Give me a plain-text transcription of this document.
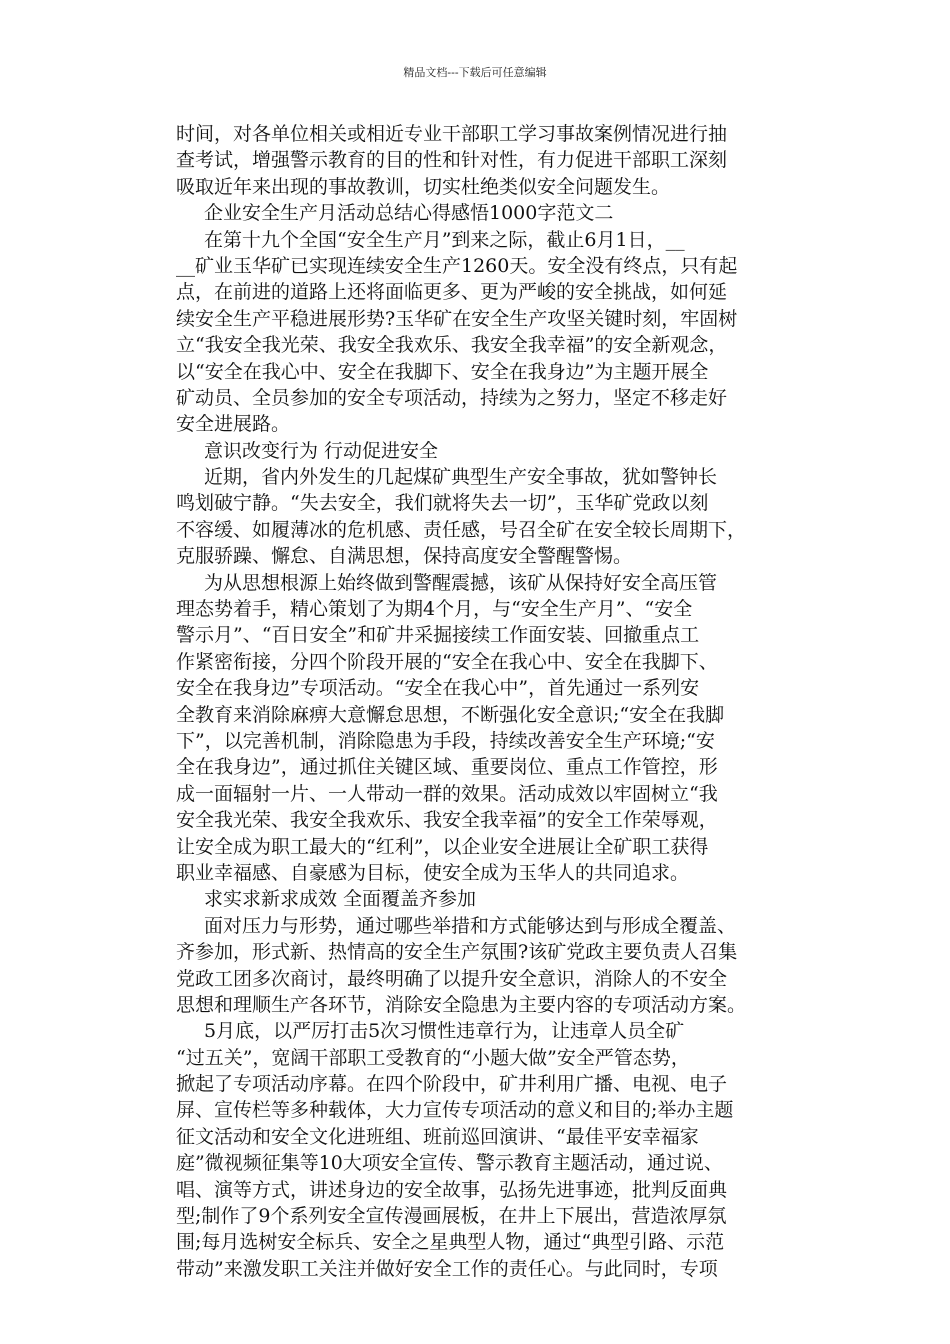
精品文档---下载后可任意编辑
时间，对各单位相关或相近专业干部职工学习事故案例情况进行抽
查考试，增强警示教育的目的性和针对性，有力促进干部职工深刻
吸取近年来出现的事故教训，切实杜绝类似安全问题发生。
企业安全生产月活动总结心得感悟1000字范文二
在第十九个全国“安全生产月”到来之际，截止6月1日，__
__矿业玉华矿已实现连续安全生产1260天。安全没有终点，只有起
点，在前进的道路上还将面临更多、更为严峻的安全挑战，如何延
续安全生产平稳进展形势?玉华矿在安全生产攻坚关键时刻，牢固树
立“我安全我光荣、我安全我欢乐、我安全我幸福”的安全新观念，
以“安全在我心中、安全在我脚下、安全在我身边”为主题开展全
矿动员、全员参加的安全专项活动，持续为之努力，坚定不移走好
安全进展路。
意识改变行为 行动促进安全
近期，省内外发生的几起煤矿典型生产安全事故，犹如警钟长
鸣划破宁静。“失去安全，我们就将失去一切”，玉华矿党政以刻
不容缓、如履薄冰的危机感、责任感，号召全矿在安全较长周期下，
克服骄躁、懈怠、自满思想，保持高度安全警醒警惕。
为从思想根源上始终做到警醒震撼，该矿从保持好安全高压管
理态势着手，精心策划了为期4个月，与“安全生产月”、“安全
警示月”、“百日安全”和矿井采掘接续工作面安装、回撤重点工
作紧密衔接，分四个阶段开展的“安全在我心中、安全在我脚下、
安全在我身边”专项活动。“安全在我心中”，首先通过一系列安
全教育来消除麻痹大意懈怠思想，不断强化安全意识;“安全在我脚
下”，以完善机制，消除隐患为手段，持续改善安全生产环境;“安
全在我身边”，通过抓住关键区域、重要岗位、重点工作管控，形
成一面辐射一片、一人带动一群的效果。活动成效以牢固树立“我
安全我光荣、我安全我欢乐、我安全我幸福”的安全工作荣辱观，
让安全成为职工最大的“红利”，以企业安全进展让全矿职工获得
职业幸福感、自豪感为目标，使安全成为玉华人的共同追求。
求实求新求成效 全面覆盖齐参加
面对压力与形势，通过哪些举措和方式能够达到与形成全覆盖、
齐参加，形式新、热情高的安全生产氛围?该矿党政主要负责人召集
党政工团多次商讨，最终明确了以提升安全意识，消除人的不安全
思想和理顺生产各环节，消除安全隐患为主要内容的专项活动方案。
5月底，以严厉打击5次习惯性违章行为，让违章人员全矿
“过五关”，宽阔干部职工受教育的“小题大做”安全严管态势，
掀起了专项活动序幕。在四个阶段中，矿井利用广播、电视、电子
屏、宣传栏等多种载体，大力宣传专项活动的意义和目的;举办主题
征文活动和安全文化进班组、班前巡回演讲、“最佳平安幸福家
庭”微视频征集等10大项安全宣传、警示教育主题活动，通过说、
唱、演等方式，讲述身边的安全故事，弘扬先进事迹，批判反面典
型;制作了9个系列安全宣传漫画展板，在井上下展出，营造浓厚氛
围;每月选树安全标兵、安全之星典型人物，通过“典型引路、示范
带动”来激发职工关注并做好安全工作的责任心。与此同时，专项
